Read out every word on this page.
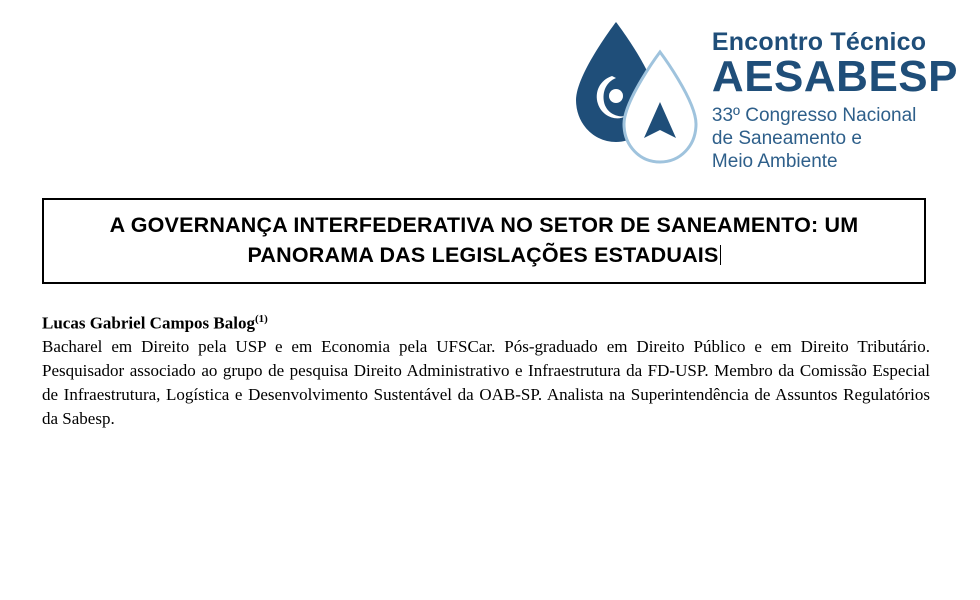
Encontro Técnico
AESABESP
33º Congresso Nacional
de Saneamento e
Meio Ambiente
A GOVERNANÇA INTERFEDERATIVA NO SETOR DE SANEAMENTO: UM
PANORAMA DAS LEGISLAÇÕES ESTADUAIS
Lucas Gabriel Campos Balog$^{(1)}$
Bacharel em Direito pela USP e em Economia pela UFSCar. Pós-graduado em Direito Público e em Direito Tributário. Pesquisador associado ao grupo de pesquisa Direito Administrativo e Infraestrutura da FD-USP. Membro da Comissão Especial de Infraestrutura, Logística e Desenvolvimento Sustentável da OAB-SP. Analista na Superintendência de Assuntos Regulatórios da Sabesp.
